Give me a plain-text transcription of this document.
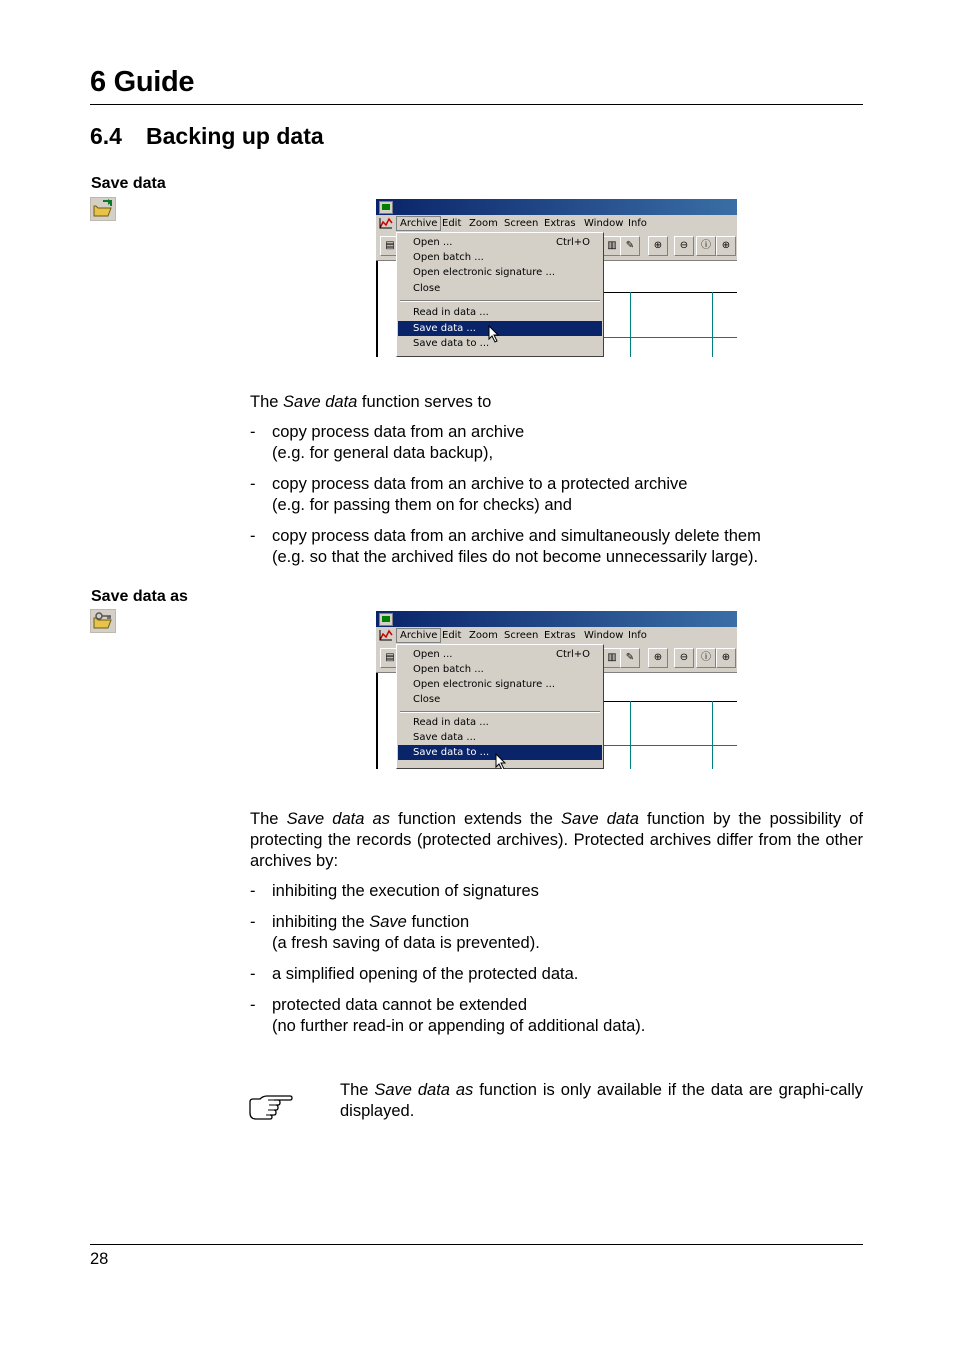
6 Guide
6.4 Backing up data
Save data
Archive Edit Zoom Screen Extras Window Info
▤	▥ ✎	⊕	⊖	ⓘ	⊕
Open ...	Ctrl+O
Open batch ...
Open electronic signature ...
Close
Read in data ...
Save data ...
Save data to ...
The Save data function serves to
- copy process data from an archive
(e.g. for general data backup),
- copy process data from an archive to a protected archive
(e.g. for passing them on for checks) and
- copy process data from an archive and simultaneously delete them
(e.g. so that the archived files do not become unnecessarily large).
Save data as
Archive Edit Zoom Screen Extras Window Info
▤	▥ ✎	⊕	⊖	ⓘ	⊕
Open ...	Ctrl+O
Open batch ...
Open electronic signature ...
Close
Read in data ...
Save data ...
Save data to ...
The Save data as function extends the Save data function by the possibility of protecting the records (protected archives). Protected archives differ from the other archives by:
- inhibiting the execution of signatures
- inhibiting the Save function
(a fresh saving of data is prevented).
- a simplified opening of the protected data.
- protected data cannot be extended
(no further read-in or appending of additional data).
The Save data as function is only available if the data are graphi-cally displayed.
28
